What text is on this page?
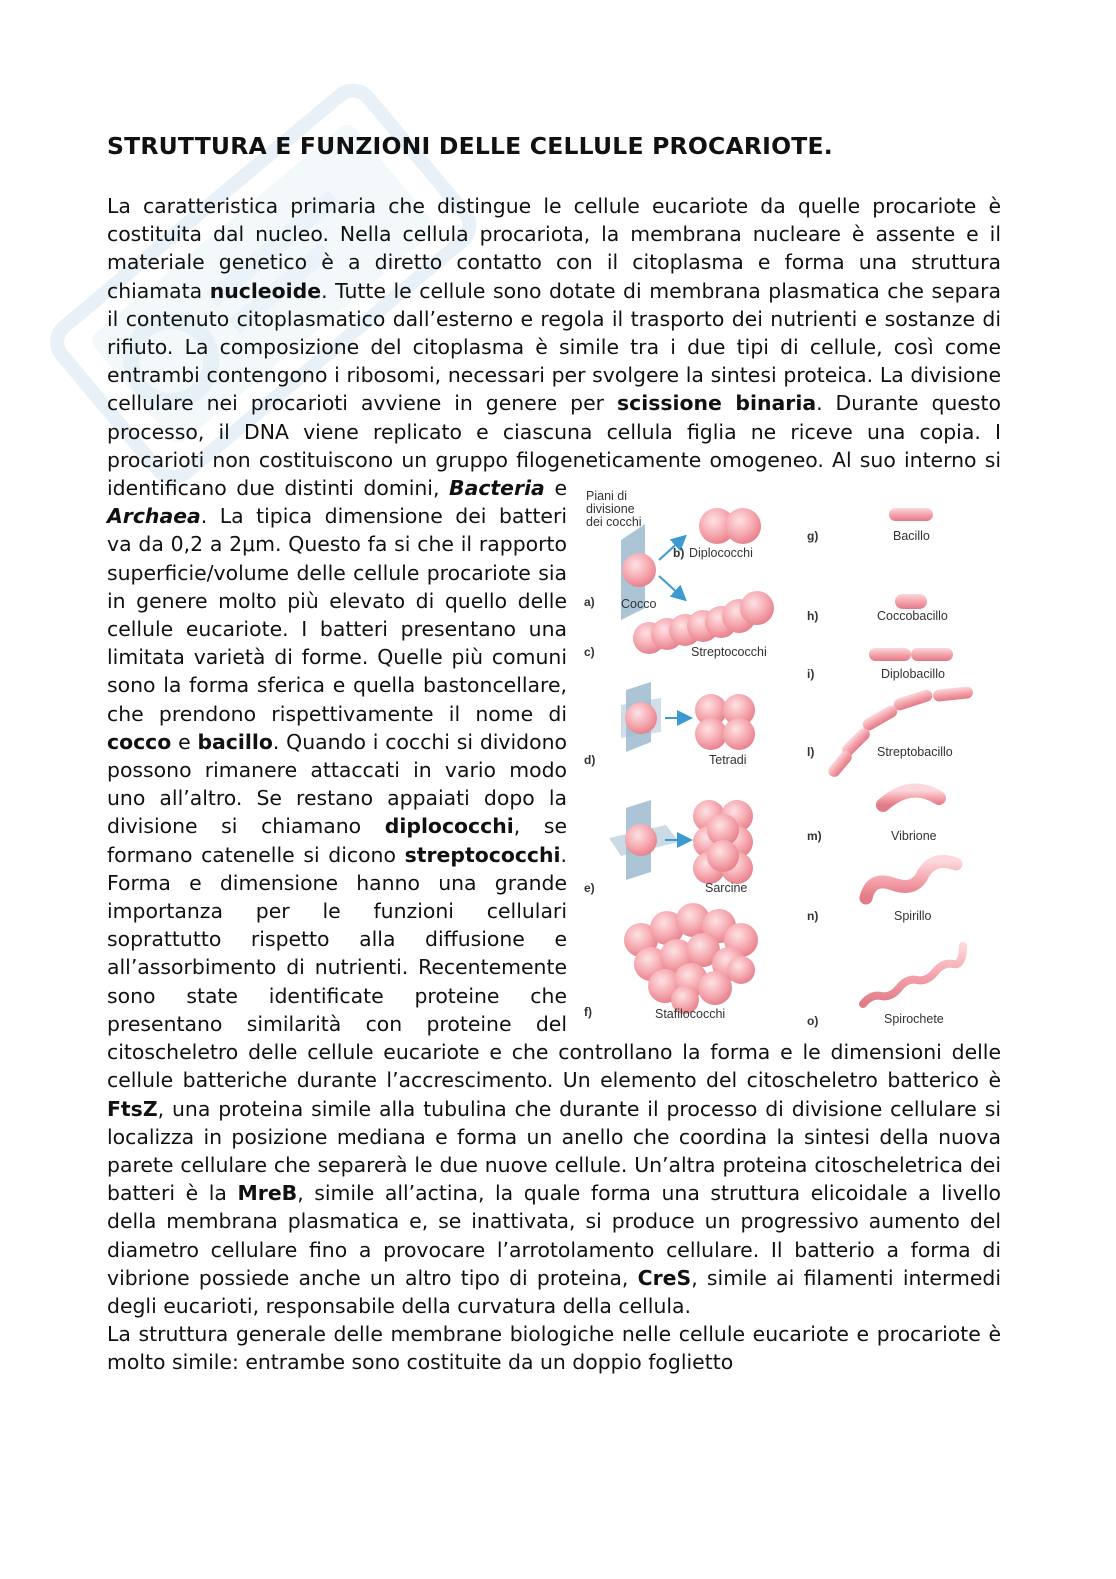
STRUTTURA E FUNZIONI DELLE CELLULE PROCARIOTE.

La caratteristica primaria che distingue le cellule eucariote da quelle procariote è costituita dal nucleo. Nella cellula procariota, la membrana nucleare è assente e il materiale genetico è a diretto contatto con il citoplasma e forma una struttura chiamata nucleoide. Tutte le cellule sono dotate di membrana plasmatica che separa il contenuto citoplasmatico dall’esterno e regola il trasporto dei nutrienti e sostanze di rifiuto. La composizione del citoplasma è simile tra i due tipi di cellule, così come entrambi contengono i ribosomi, necessari per svolgere la sintesi proteica. La divisione cellulare nei procarioti avviene in genere per scissione binaria. Durante questo processo, il DNA viene replicato e ciascuna cellula figlia ne riceve una copia. I procarioti non costituiscono un gruppo filogeneticamente omogeneo. Al suo interno si identificano due distinti domini, Bacteria	Piani di
divisione
dei cocchi
a) Cocco
Diplococchi
b)
c)	Streptococchi
d)	Tetradi
e)	Sarcine
f)	Stafilococchi
g)	Bacillo
h)	Coccobacillo
i)	Diplobacillo
l)	Streptobacillo
m)	Vibrione
n)	Spirillo
o)	Spirochete
e Archaea. La tipica dimensione dei batteri va da 0,2 a 2μm. Questo fa si che il rapporto superficie/volume delle cellule procariote sia in genere molto più elevato di quello delle cellule eucariote. I batteri presentano una limitata varietà di forme. Quelle più comuni sono la forma sferica e quella bastoncellare, che prendono rispettivamente il nome di cocco e bacillo. Quando i cocchi si dividono possono rimanere attaccati in vario modo uno all’altro. Se restano appaiati dopo la divisione si chiamano diplococchi, se formano catenelle si dicono streptococchi. Forma e dimensione hanno una grande importanza per le funzioni cellulari soprattutto rispetto alla diffusione e all’assorbimento di nutrienti. Recentemente sono state identificate proteine che presentano similarità con proteine del citoscheletro delle cellule eucariote e che controllano la forma e le dimensioni delle cellule batteriche durante l’accrescimento. Un elemento del citoscheletro batterico è FtsZ, una proteina simile alla tubulina che durante il processo di divisione cellulare si localizza in posizione mediana e forma un anello che coordina la sintesi della nuova parete cellulare che separerà le due nuove cellule. Un’altra proteina citoscheletrica dei batteri è la MreB, simile all’actina, la quale forma una struttura elicoidale a livello della membrana plasmatica e, se inattivata, si produce un progressivo aumento del diametro cellulare fino a provocare l’arrotolamento cellulare. Il batterio a forma di vibrione possiede anche un altro tipo di proteina, CreS, simile ai filamenti intermedi degli eucarioti, responsabile della curvatura della cellula.

La struttura generale delle membrane biologiche nelle cellule eucariote e procariote è molto simile: entrambe sono costituite da un doppio foglietto
